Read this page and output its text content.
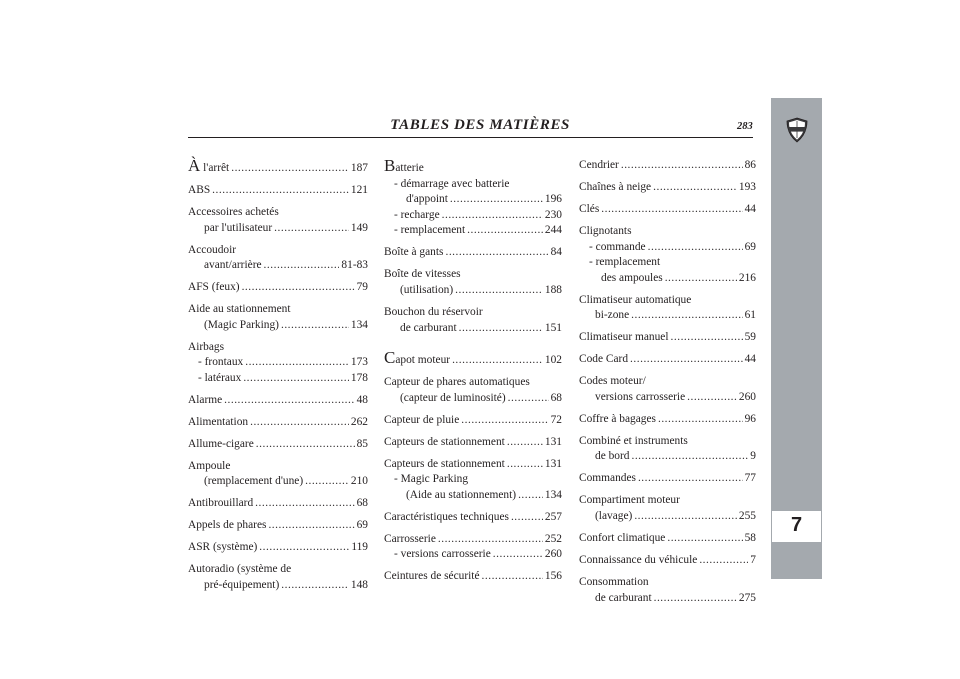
TABLES DES MATIÈRES	283
7
À l'arrêt .....	187
ABS .....	121
Accessoires achetés
par l'utilisateur .....	149
Accoudoir
avant/arrière .....	81-83
AFS (feux) .....	79
Aide au stationnement
(Magic Parking) .....	134
Airbags
- frontaux .....	173
- latéraux .....	178
Alarme .....	48
Alimentation .....	262
Allume-cigare .....	85
Ampoule
(remplacement d'une) .....	210
Antibrouillard .....	68
Appels de phares .....	69
ASR (système) .....	119
Autoradio (système de
pré-équipement) .....	148
Batterie
- démarrage avec batterie
d'appoint .....	196
- recharge .....	230
- remplacement .....	244
Boîte à gants .....	84
Boîte de vitesses
(utilisation) .....	188
Bouchon du réservoir
de carburant .....	151
Capot moteur .....	102
Capteur de phares automatiques
(capteur de luminosité) .....	68
Capteur de pluie .....	72
Capteurs de stationnement .....	131
Capteurs de stationnement .....	131
- Magic Parking
(Aide au stationnement) .....	134
Caractéristiques techniques .....	257
Carrosserie .....	252
- versions carrosserie .....	260
Ceintures de sécurité .....	156
Cendrier .....	86
Chaînes à neige .....	193
Clés .....	44
Clignotants
- commande .....	69
- remplacement
des ampoules .....	216
Climatiseur automatique
bi-zone .....	61
Climatiseur manuel .....	59
Code Card .....	44
Codes moteur/
versions carrosserie .....	260
Coffre à bagages .....	96
Combiné et instruments
de bord .....	9
Commandes .....	77
Compartiment moteur
(lavage) .....	255
Confort climatique .....	58
Connaissance du véhicule .....	7
Consommation
de carburant .....	275
